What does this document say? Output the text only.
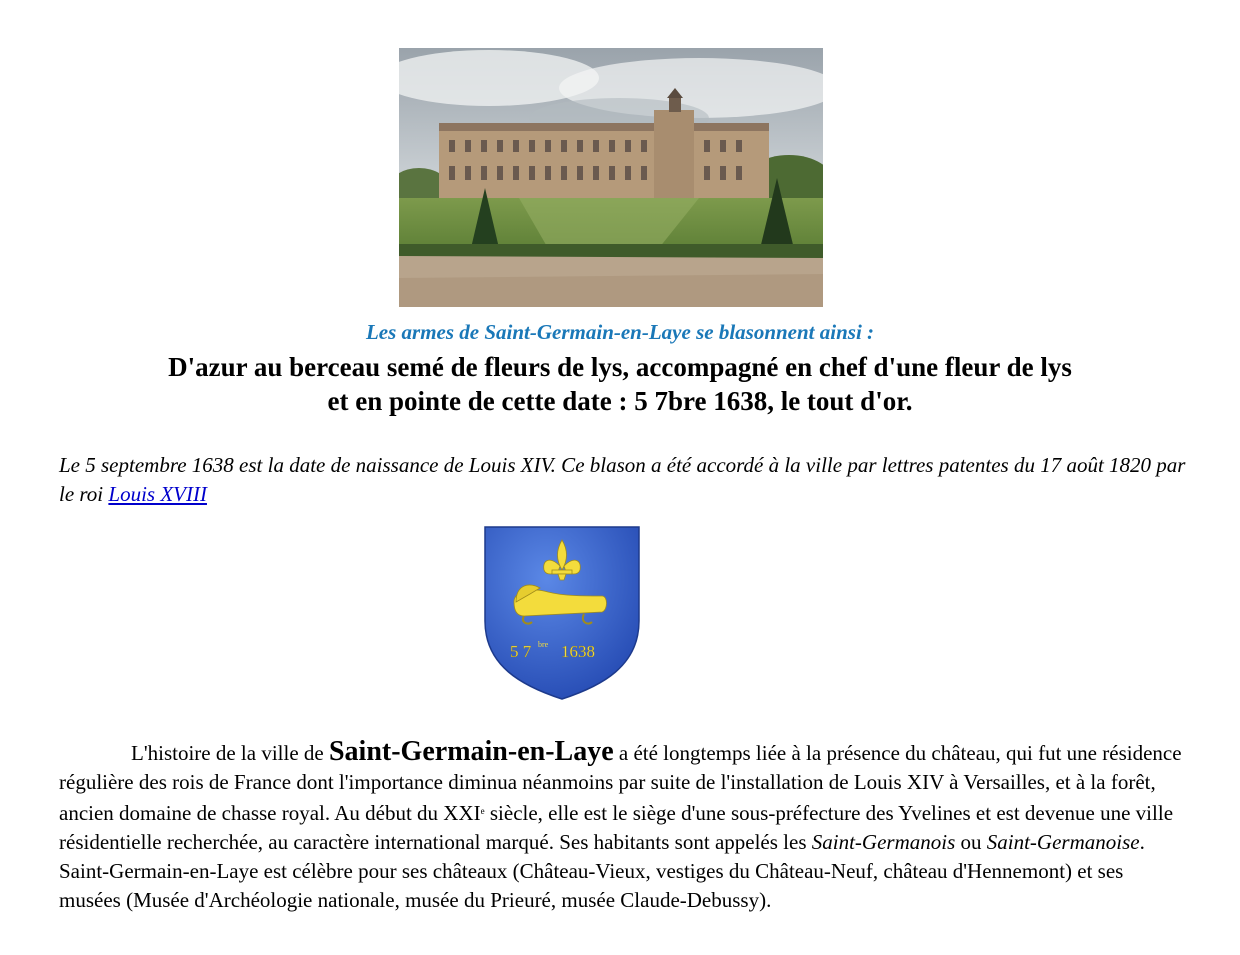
Les armes de Saint-Germain-en-Laye se blasonnent ainsi :
D'azur au berceau semé de fleurs de lys, accompagné en chef d'une fleur de lys
et en pointe de cette date : 5 7bre 1638, le tout d'or.
Le 5 septembre 1638 est la date de naissance de Louis XIV. Ce blason a été accordé à la ville par lettres patentes du 17 août 1820 par le roi Louis XVIII
5 7 bre 1638
L'histoire de la ville de Saint-Germain-en-Laye a été longtemps liée à la présence du château, qui fut une résidence régulière des rois de France dont l'importance diminua néanmoins par suite de l'installation de Louis XIV à Versailles, et à la forêt, ancien domaine de chasse royal. Au début du XXIe siècle, elle est le siège d'une sous-préfecture des Yvelines et est devenue une ville résidentielle recherchée, au caractère international marqué. Ses habitants sont appelés les Saint-Germanois ou Saint-Germanoise. Saint-Germain-en-Laye est célèbre pour ses châteaux (Château-Vieux, vestiges du Château-Neuf, château d'Hennemont) et ses musées (Musée d'Archéologie nationale, musée du Prieuré, musée Claude-Debussy).
